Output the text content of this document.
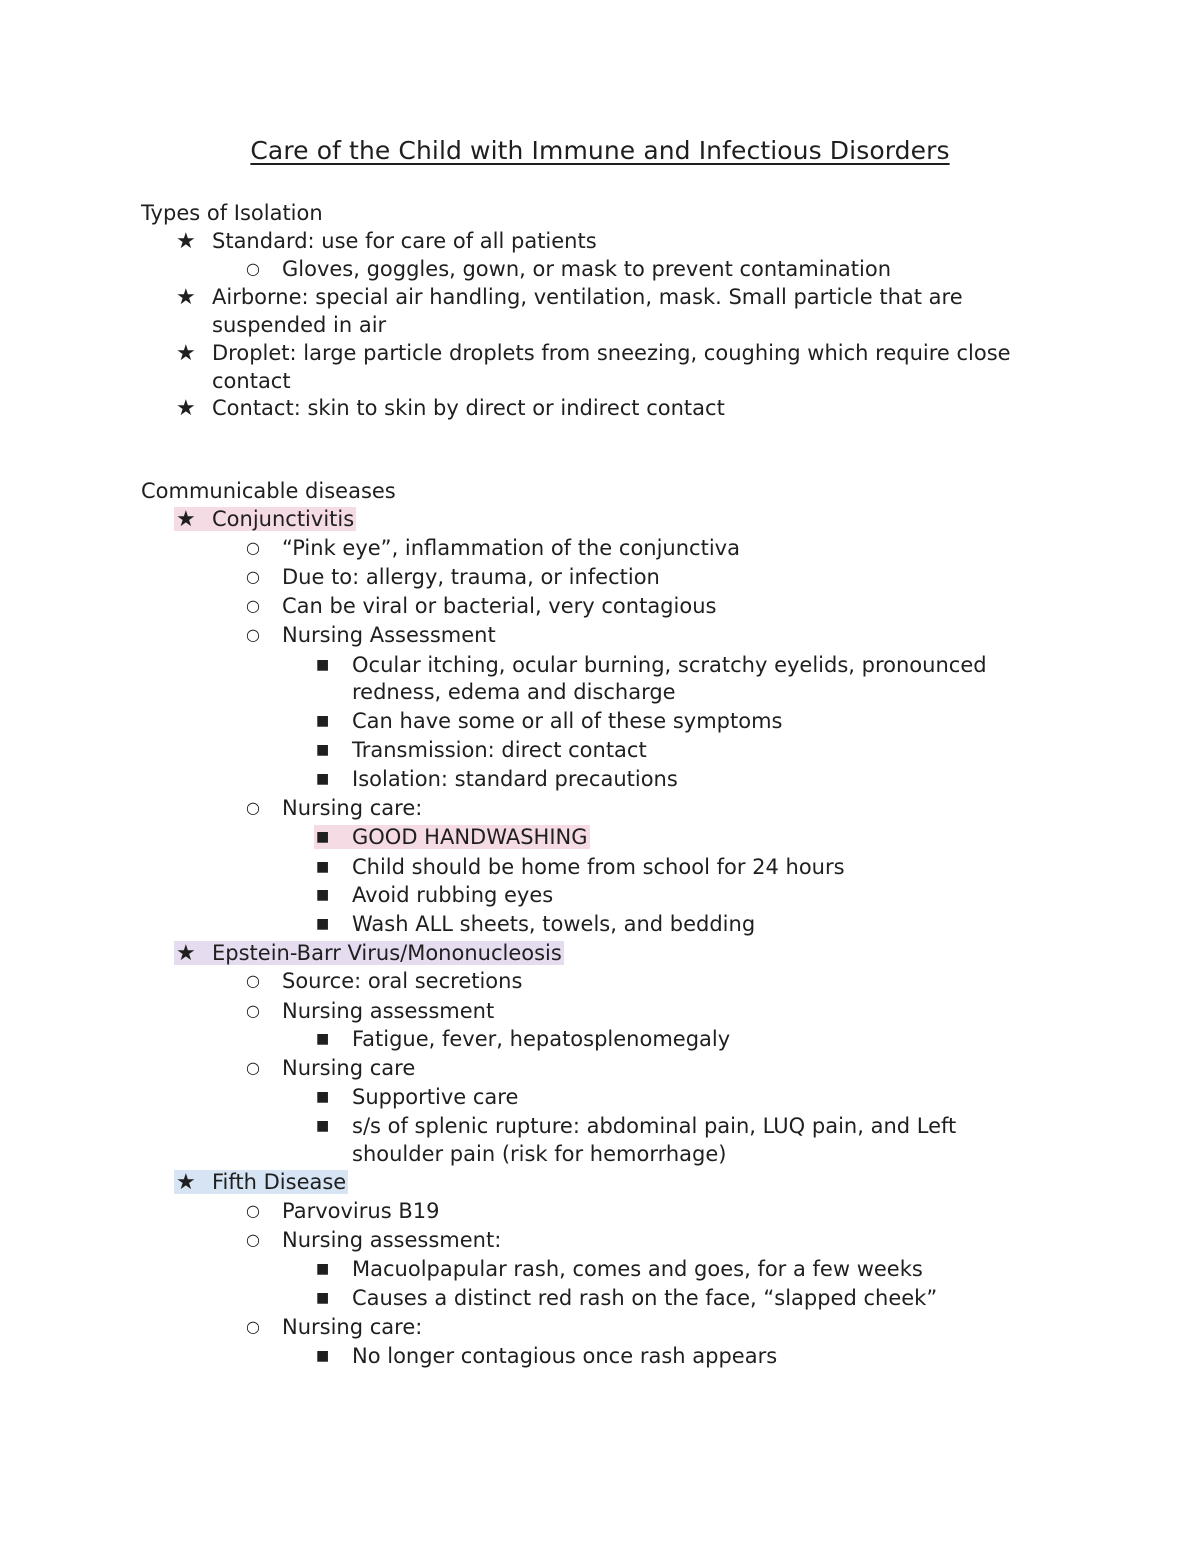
Care of the Child with Immune and Infectious Disorders
Types of Isolation
★ Standard: use for care of all patients
○ Gloves, goggles, gown, or mask to prevent contamination
★ Airborne: special air handling, ventilation, mask. Small particle that are
suspended in air
★ Droplet: large particle droplets from sneezing, coughing which require close
contact
★ Contact: skin to skin by direct or indirect contact
Communicable diseases
★ Conjunctivitis
○ “Pink eye”, inflammation of the conjunctiva
○ Due to: allergy, trauma, or infection
○ Can be viral or bacterial, very contagious
○ Nursing Assessment
■ Ocular itching, ocular burning, scratchy eyelids, pronounced
redness, edema and discharge
■ Can have some or all of these symptoms
■ Transmission: direct contact
■ Isolation: standard precautions
○ Nursing care:
■ GOOD HANDWASHING
■ Child should be home from school for 24 hours
■ Avoid rubbing eyes
■ Wash ALL sheets, towels, and bedding
★ Epstein-Barr Virus/Mononucleosis
○ Source: oral secretions
○ Nursing assessment
■ Fatigue, fever, hepatosplenomegaly
○ Nursing care
■ Supportive care
■ s/s of splenic rupture: abdominal pain, LUQ pain, and Left
shoulder pain (risk for hemorrhage)
★ Fifth Disease
○ Parvovirus B19
○ Nursing assessment:
■ Macuolpapular rash, comes and goes, for a few weeks
■ Causes a distinct red rash on the face, “slapped cheek”
○ Nursing care:
■ No longer contagious once rash appears
